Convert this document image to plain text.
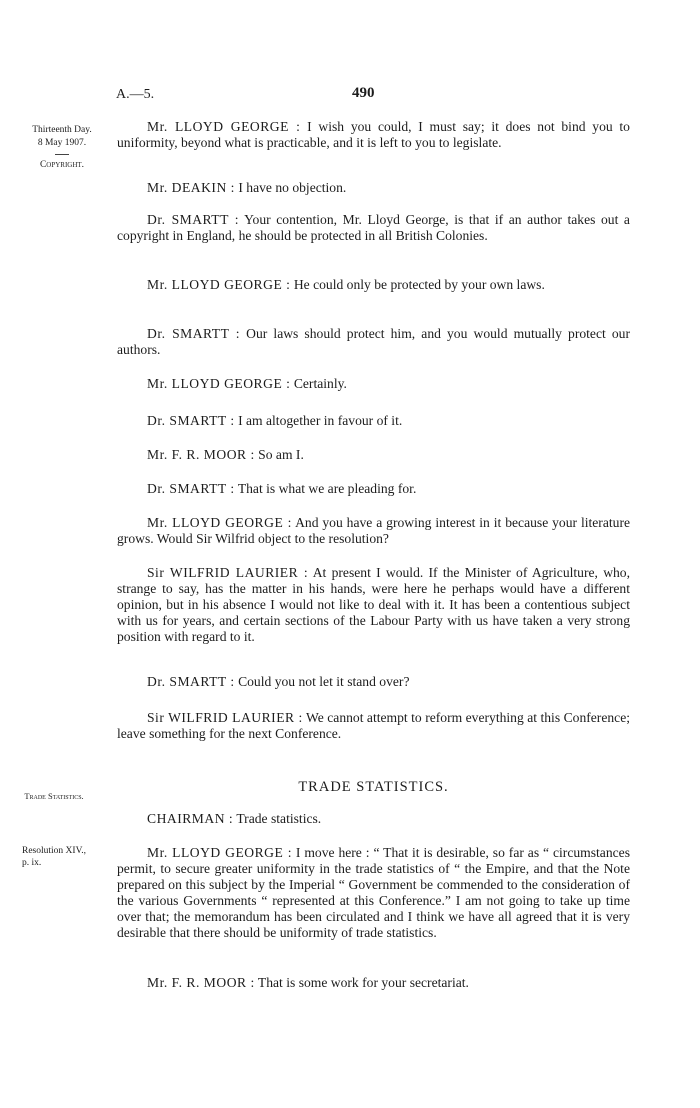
A.—5.	490
Thirteenth Day.
8 May 1907.
Copyright.
Trade Statistics.
Resolution XIV.,
p. ix.
TRADE STATISTICS.
Mr. LLOYD GEORGE : I wish you could, I must say; it does not bind you to uniformity, beyond what is practicable, and it is left to you to legislate.
Mr. DEAKIN : I have no objection.
Dr. SMARTT : Your contention, Mr. Lloyd George, is that if an author takes out a copyright in England, he should be protected in all British Colonies.
Mr. LLOYD GEORGE : He could only be protected by your own laws.
Dr. SMARTT : Our laws should protect him, and you would mutually protect our authors.
Mr. LLOYD GEORGE : Certainly.
Dr. SMARTT : I am altogether in favour of it.
Mr. F. R. MOOR : So am I.
Dr. SMARTT : That is what we are pleading for.
Mr. LLOYD GEORGE : And you have a growing interest in it because your literature grows. Would Sir Wilfrid object to the resolution?
Sir WILFRID LAURIER : At present I would. If the Minister of Agriculture, who, strange to say, has the matter in his hands, were here he perhaps would have a different opinion, but in his absence I would not like to deal with it. It has been a contentious subject with us for years, and certain sections of the Labour Party with us have taken a very strong position with regard to it.
Dr. SMARTT : Could you not let it stand over?
Sir WILFRID LAURIER : We cannot attempt to reform everything at this Conference; leave something for the next Conference.
CHAIRMAN : Trade statistics.
Mr. LLOYD GEORGE : I move here : “ That it is desirable, so far as “ circumstances permit, to secure greater uniformity in the trade statistics of “ the Empire, and that the Note prepared on this subject by the Imperial “ Government be commended to the consideration of the various Governments “ represented at this Conference.” I am not going to take up time over that; the memorandum has been circulated and I think we have all agreed that it is very desirable that there should be uniformity of trade statistics.
Mr. F. R. MOOR : That is some work for your secretariat.
